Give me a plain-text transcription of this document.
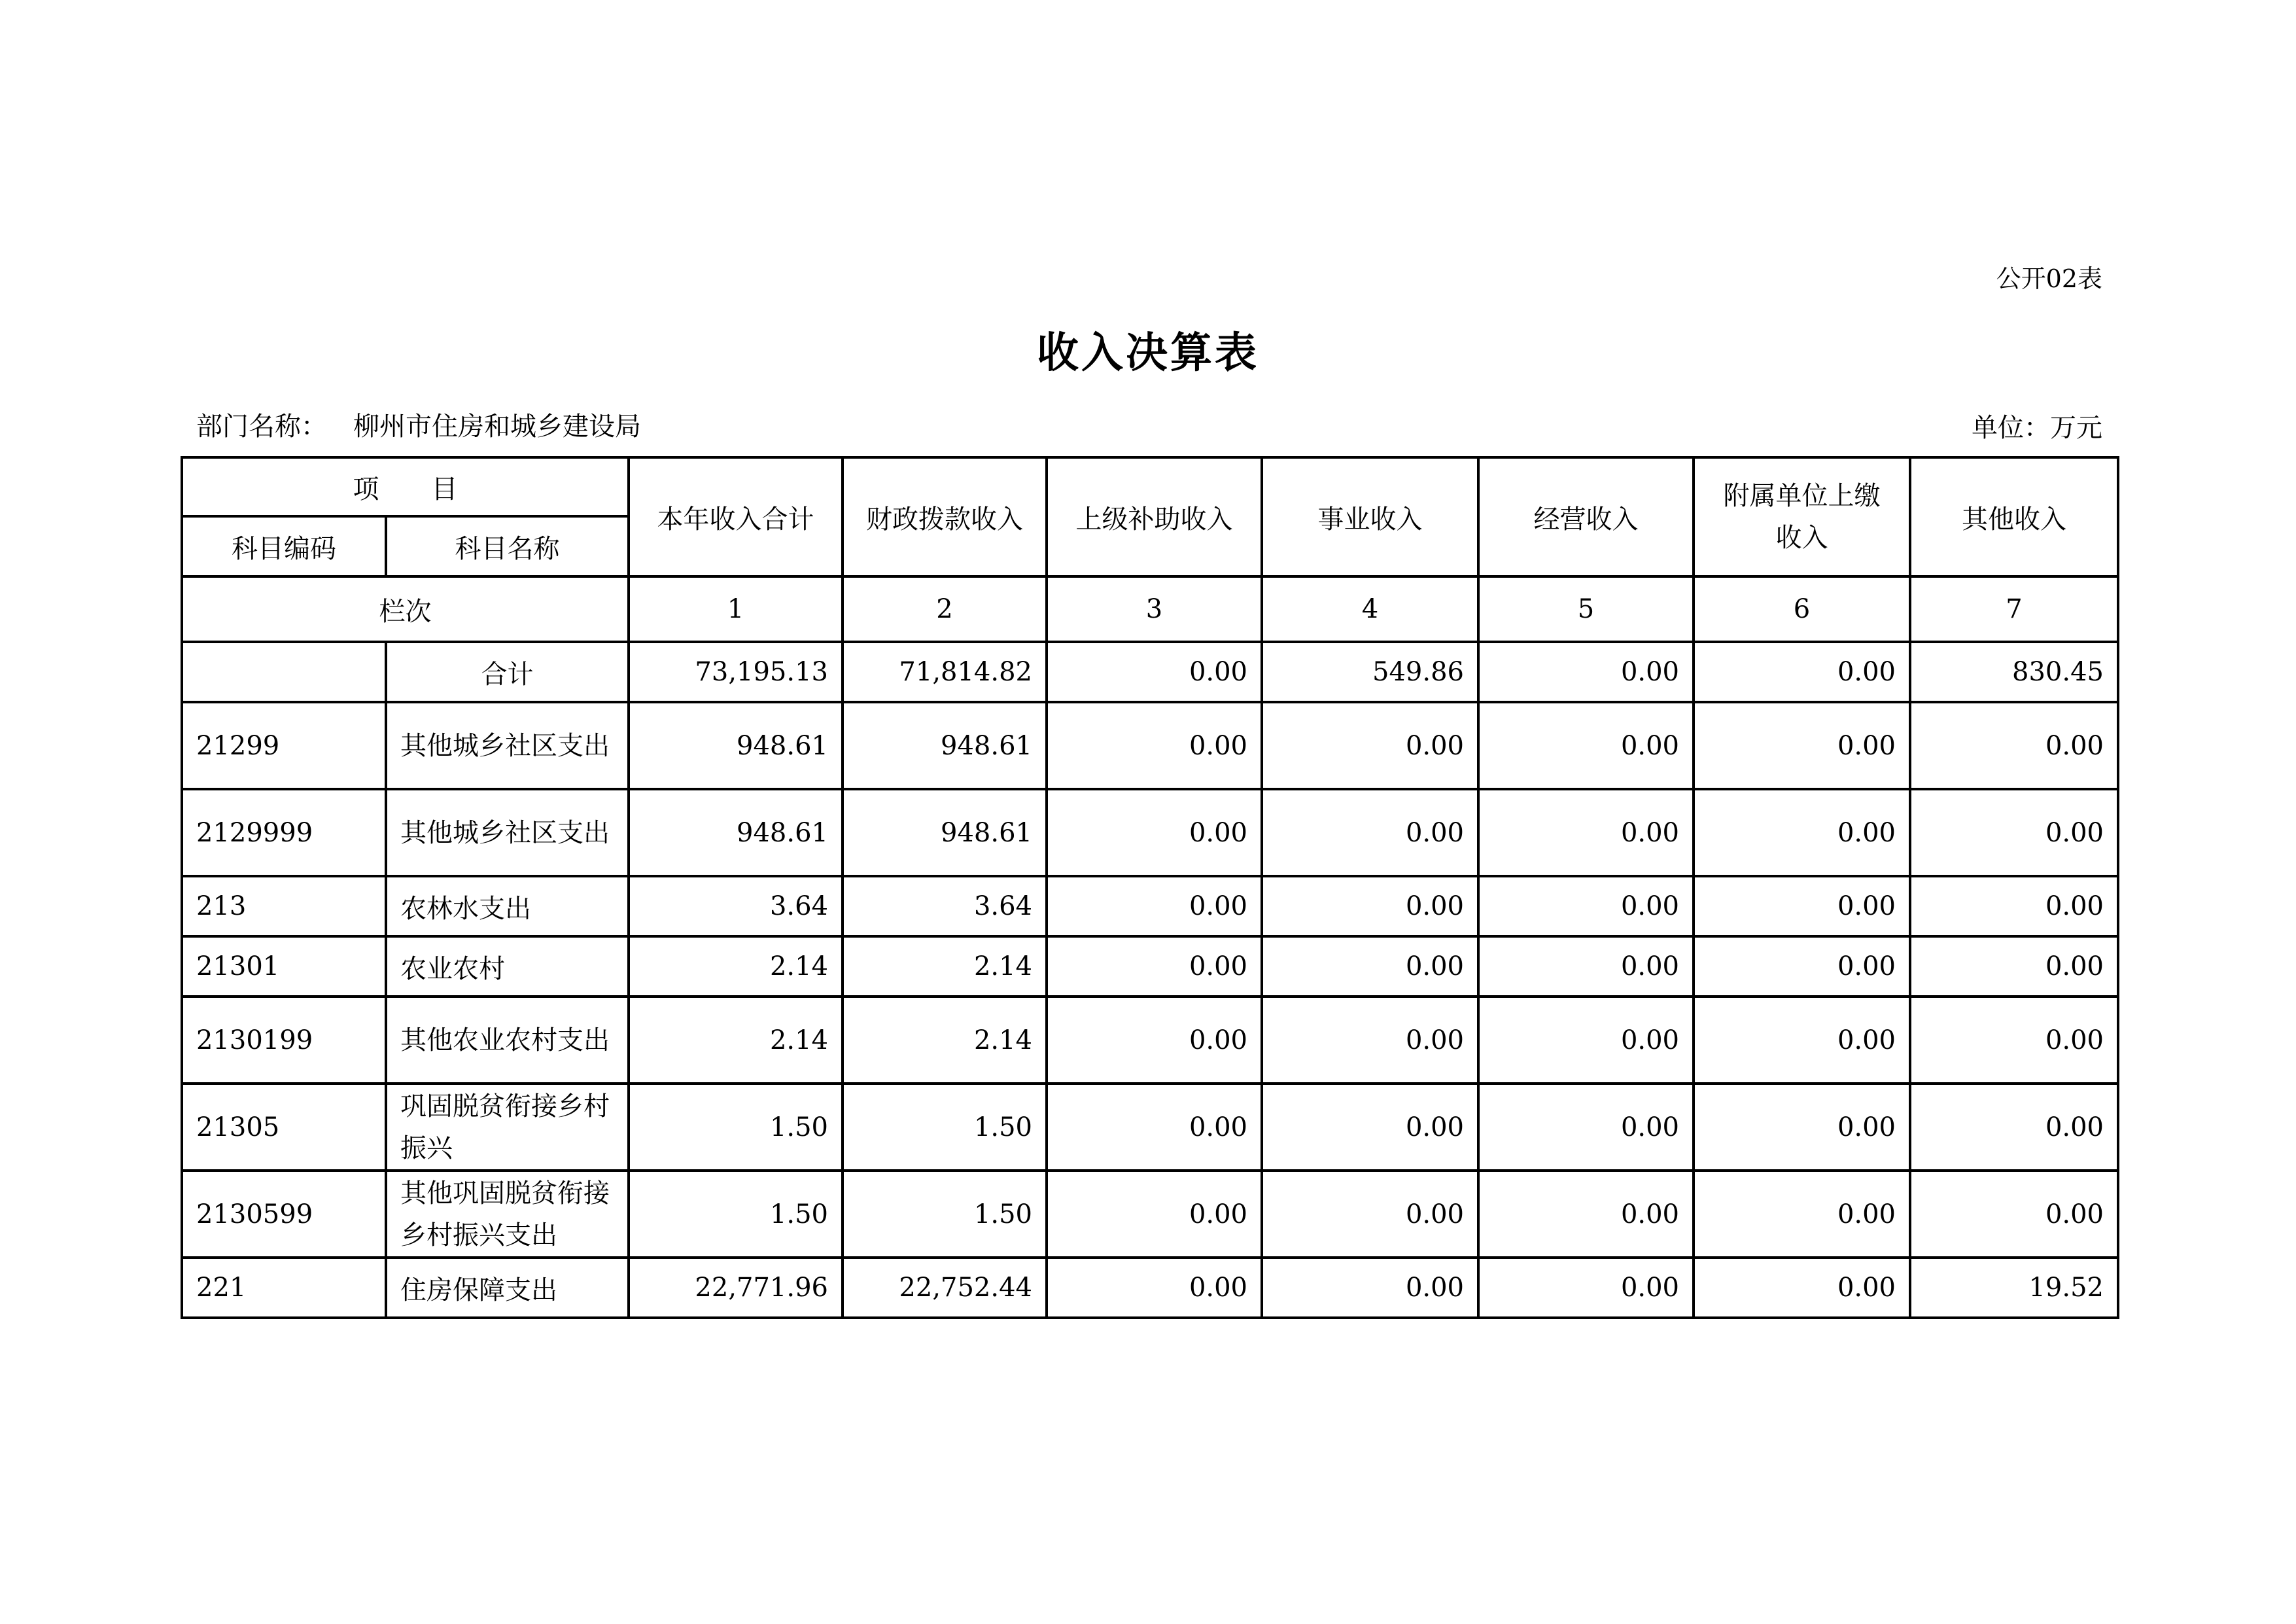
公开02表
收入决算表
部门名称： 柳州市住房和城乡建设局	单位：万元
项　　目		本年收入合计	财政拨款收入	上级补助收入	事业收入	经营收入	附属单位上缴收入	其他收入
科目编码	科目名称							
栏次		1	2	3	4	5	6	7
	合计	73,195.13	71,814.82	0.00	549.86	0.00	0.00	830.45
21299	其他城乡社区支出	948.61	948.61	0.00	0.00	0.00	0.00	0.00
2129999	其他城乡社区支出	948.61	948.61	0.00	0.00	0.00	0.00	0.00
213	农林水支出	3.64	3.64	0.00	0.00	0.00	0.00	0.00
21301	农业农村	2.14	2.14	0.00	0.00	0.00	0.00	0.00
2130199	其他农业农村支出	2.14	2.14	0.00	0.00	0.00	0.00	0.00
21305	巩固脱贫衔接乡村振兴	1.50	1.50	0.00	0.00	0.00	0.00	0.00
2130599	其他巩固脱贫衔接乡村振兴支出	1.50	1.50	0.00	0.00	0.00	0.00	0.00
221	住房保障支出	22,771.96	22,752.44	0.00	0.00	0.00	0.00	19.52
